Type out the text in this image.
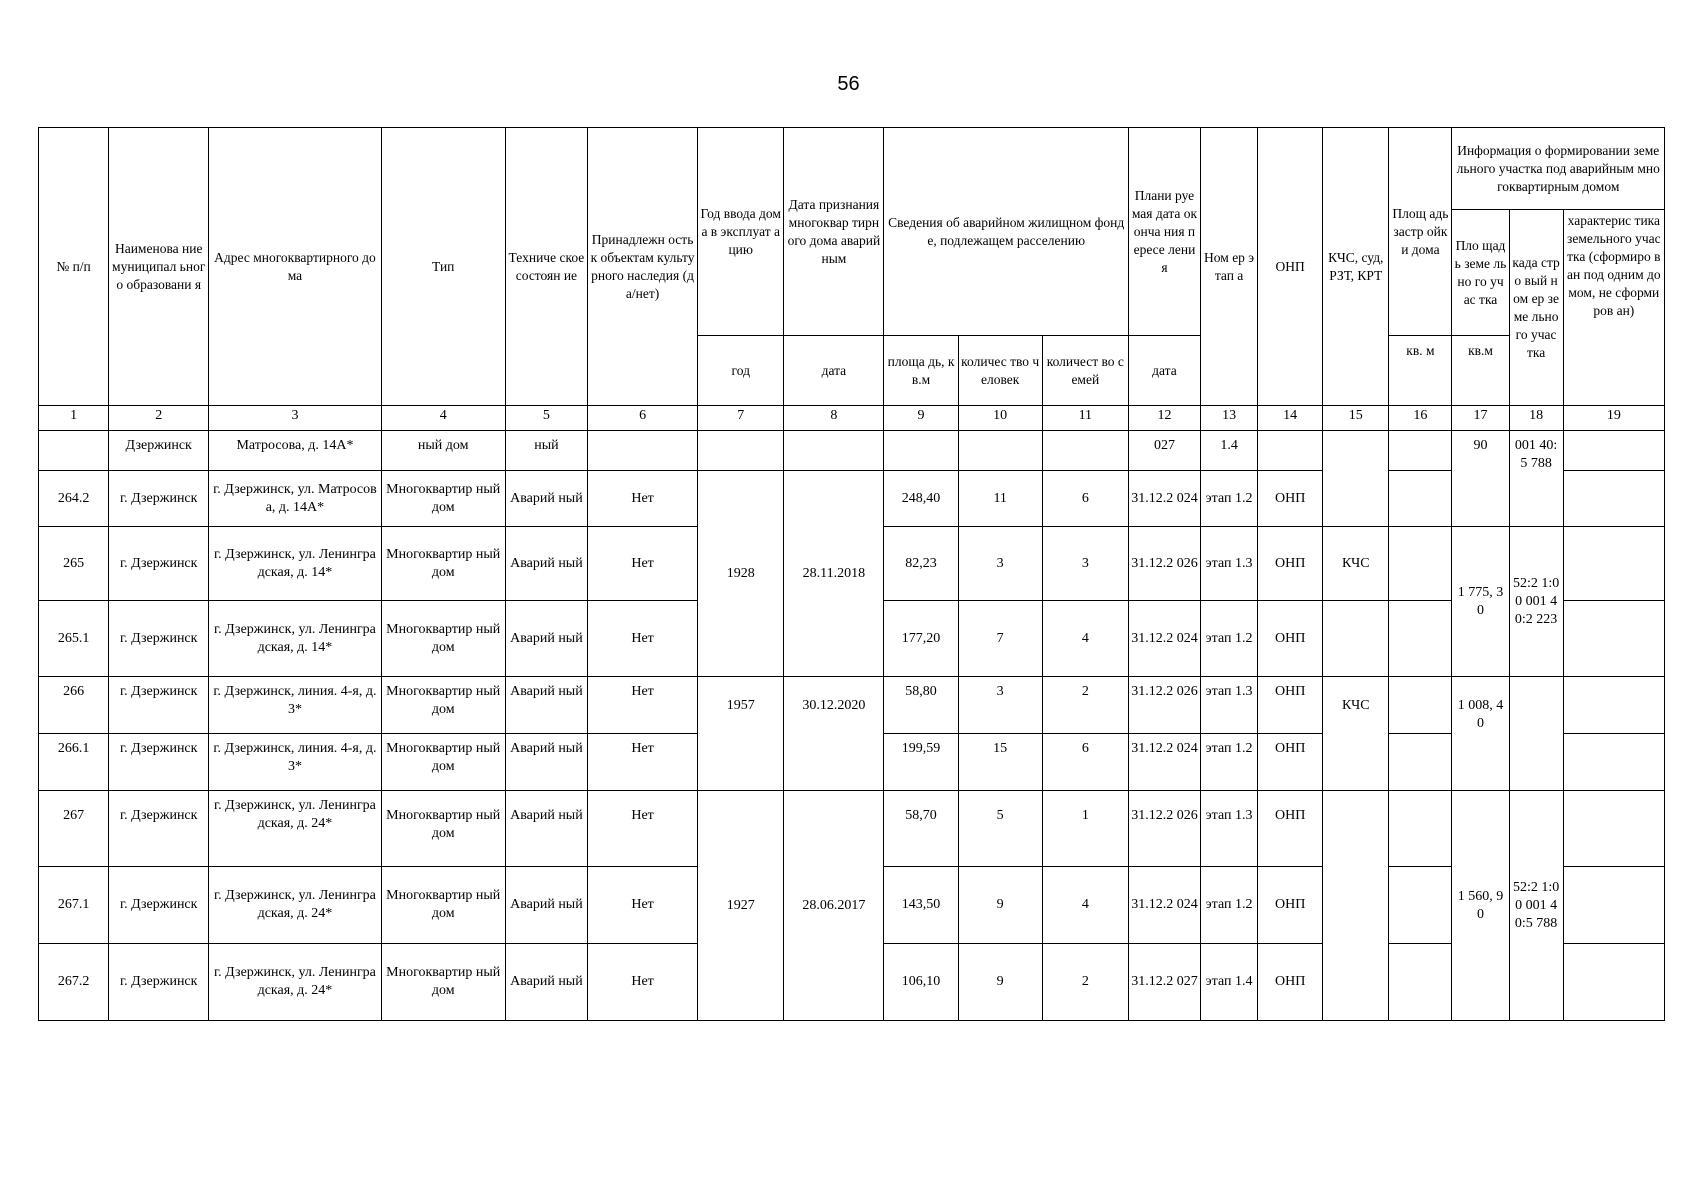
56
№ п/п	Наименова ние муниципал ьного образовани я	Адрес многоквартирного дома	Тип	Техниче ское состоян ие	Принадлежн ость к объектам культурного наследия (да/нет)	Год ввода дома в эксплуат ацию	Дата признания многоквар тирного дома аварийным	Сведения об аварийном жилищном фонде, подлежащем расселению			Плани руемая дата оконча ния пересе ления	Ном ер этап а	ОНП	КЧС, суд, РЗТ, КРТ	Площ адь застр ойки дома	Информация о формировании земельного участка под аварийным многоквартирным домом		
																Пло щадь земе льно го учас тка	када стро вый ном ер земе льно го учас тка	характерис тика земельного участка (сформиро ван под одним домом, не сформиров ан)
						год	дата	площа дь, кв.м	количес тво человек	количест во семей	дата				кв. м	кв.м		
1	2	3	4	5	6	7	8	9	10	11	12	13	14	15	16	17	18	19
	Дзержинск	Матросова, д. 14А*	ный дом	ный							027	1.4				90	001 40:5 788	
264.2	г. Дзержинск	г. Дзержинск, ул. Матросова, д. 14А*	Многоквартир ный дом	Аварий ный	Нет	1928	28.11.2018	248,40	11	6	31.12.2 024	этап 1.2	ОНП					
265	г. Дзержинск	г. Дзержинск, ул. Ленинградская, д. 14*	Многоквартир ный дом	Аварий ный	Нет			82,23	3	3	31.12.2 026	этап 1.3	ОНП	КЧС		1 775, 30	52:2 1:00 001 40:2 223	
265.1	г. Дзержинск	г. Дзержинск, ул. Ленинградская, д. 14*	Многоквартир ный дом	Аварий ный	Нет			177,20	7	4	31.12.2 024	этап 1.2	ОНП					
266	г. Дзержинск	г. Дзержинск, линия. 4-я, д. 3*	Многоквартир ный дом	Аварий ный	Нет	1957	30.12.2020	58,80	3	2	31.12.2 026	этап 1.3	ОНП	КЧС		1 008, 40		
266.1	г. Дзержинск	г. Дзержинск, линия. 4-я, д. 3*	Многоквартир ный дом	Аварий ный	Нет			199,59	15	6	31.12.2 024	этап 1.2	ОНП					
267	г. Дзержинск	г. Дзержинск, ул. Ленинградская, д. 24*	Многоквартир ный дом	Аварий ный	Нет	1927	28.06.2017	58,70	5	1	31.12.2 026	этап 1.3	ОНП			1 560, 90	52:2 1:00 001 40:5 788	
267.1	г. Дзержинск	г. Дзержинск, ул. Ленинградская, д. 24*	Многоквартир ный дом	Аварий ный	Нет			143,50	9	4	31.12.2 024	этап 1.2	ОНП					
267.2	г. Дзержинск	г. Дзержинск, ул. Ленинградская, д. 24*	Многоквартир ный дом	Аварий ный	Нет			106,10	9	2	31.12.2 027	этап 1.4	ОНП					
